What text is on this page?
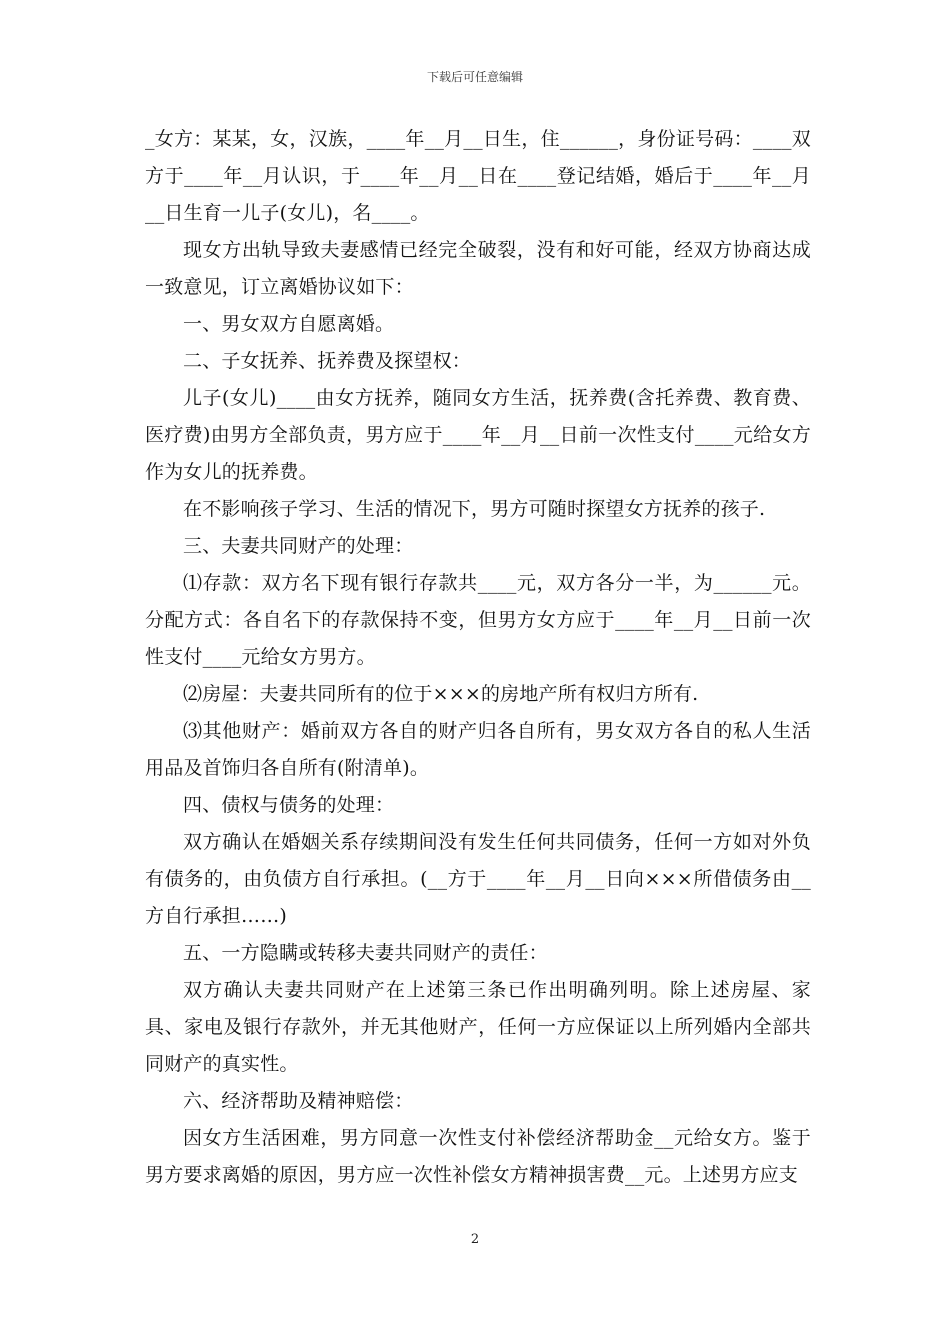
下载后可任意编辑

_女方：某某，女，汉族，____年__月__日生，住______，身份证号码：____双方于____年__月认识，于____年__月__日在____登记结婚，婚后于____年__月__日生育一儿子(女儿)，名____。

现女方出轨导致夫妻感情已经完全破裂，没有和好可能，经双方协商达成一致意见，订立离婚协议如下：

一、男女双方自愿离婚。

二、子女抚养、抚养费及探望权：

儿子(女儿)____由女方抚养，随同女方生活，抚养费(含托养费、教育费、医疗费)由男方全部负责，男方应于____年__月__日前一次性支付____元给女方作为女儿的抚养费。

在不影响孩子学习、生活的情况下，男方可随时探望女方抚养的孩子.

三、夫妻共同财产的处理：

⑴存款：双方名下现有银行存款共____元，双方各分一半，为______元。分配方式：各自名下的存款保持不变，但男方女方应于____年__月__日前一次性支付____元给女方男方。

⑵房屋：夫妻共同所有的位于×××的房地产所有权归方所有.

⑶其他财产：婚前双方各自的财产归各自所有，男女双方各自的私人生活用品及首饰归各自所有(附清单)。

四、债权与债务的处理：

双方确认在婚姻关系存续期间没有发生任何共同债务，任何一方如对外负有债务的，由负债方自行承担。(__方于____年__月__日向×××所借债务由__方自行承担……)

五、一方隐瞒或转移夫妻共同财产的责任：

双方确认夫妻共同财产在上述第三条已作出明确列明。除上述房屋、家具、家电及银行存款外，并无其他财产，任何一方应保证以上所列婚内全部共同财产的真实性。

六、经济帮助及精神赔偿：

因女方生活困难，男方同意一次性支付补偿经济帮助金__元给女方。鉴于男方要求离婚的原因，男方应一次性补偿女方精神损害费__元。上述男方应支

2
